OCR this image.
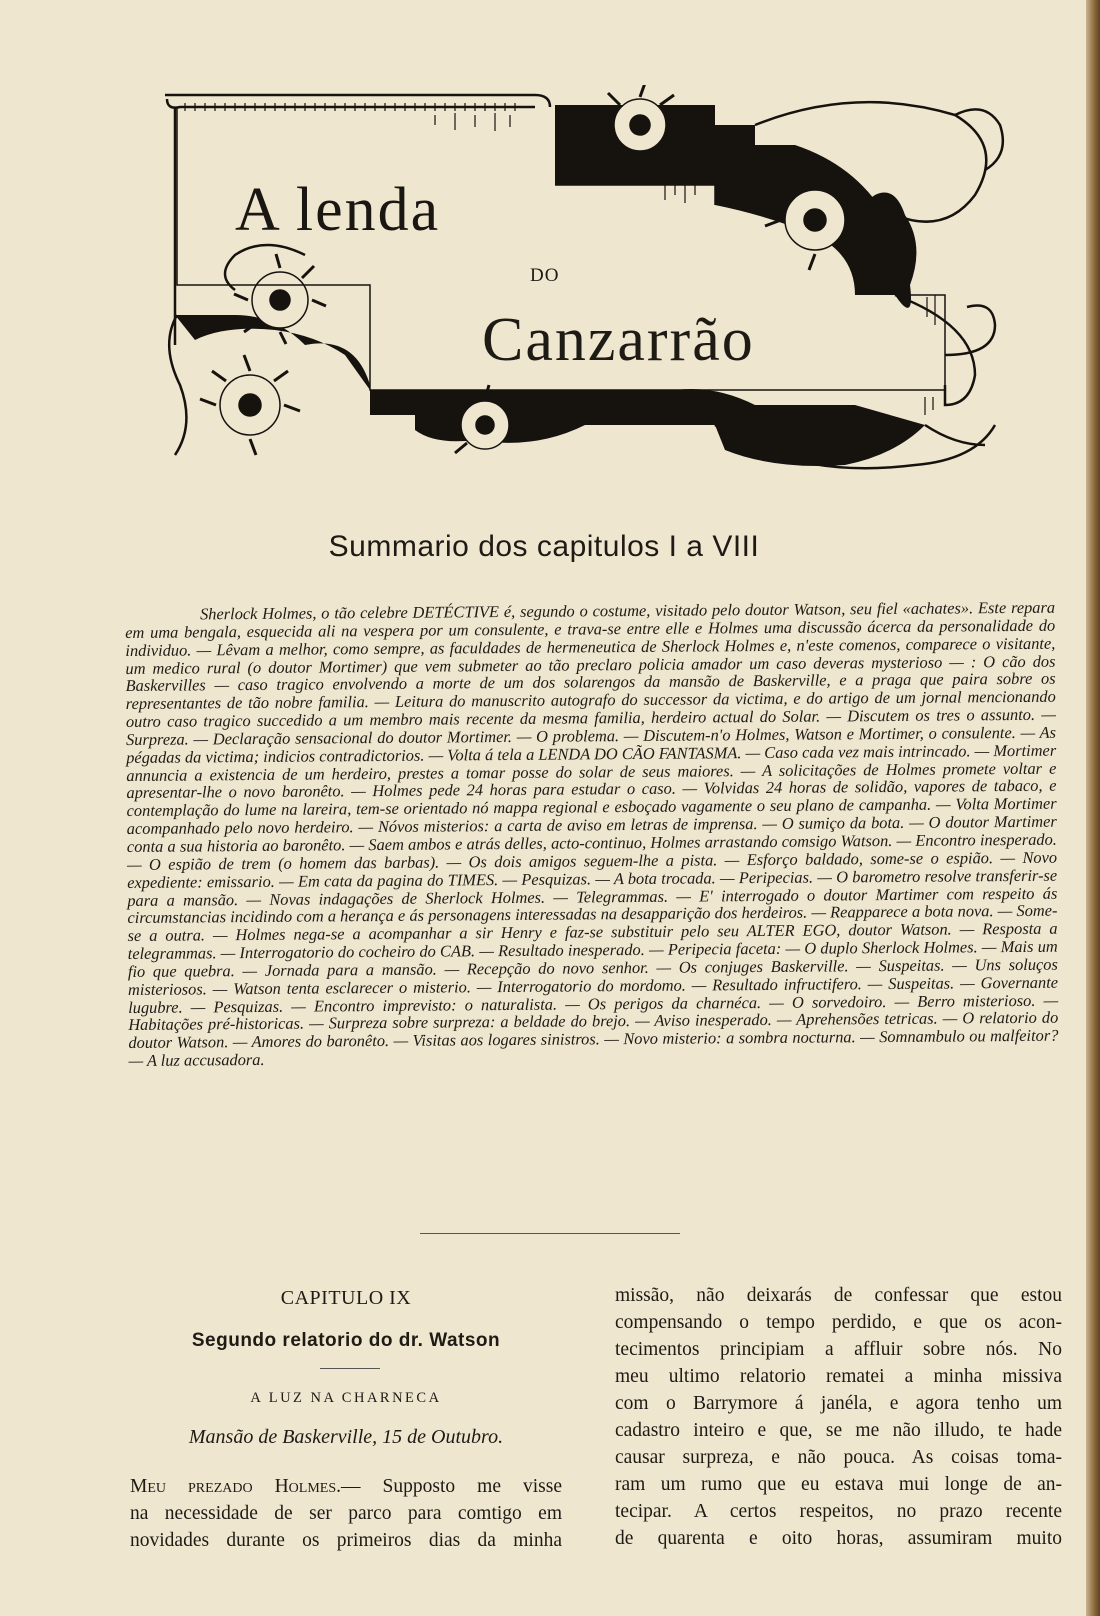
A lenda
DO
Canzarrão
Summario dos capitulos I a VIII

Sherlock Holmes, o tão celebre DETÉCTIVE é, segundo o costume, visitado pelo doutor Watson, seu fiel «achates». Este repara em uma bengala, esquecida ali na vespera por um consulente, e trava-se entre elle e Holmes uma discussão ácerca da personalidade do individuo. — Lêvam a melhor, como sempre, as faculdades de hermeneutica de Sherlock Holmes e, n'este comenos, comparece o visitante, um medico rural (o doutor Mortimer) que vem submeter ao tão preclaro policia amador um caso deveras mysterioso — : O cão dos Baskervilles — caso tragico envolvendo a morte de um dos solarengos da mansão de Baskerville, e a praga que paira sobre os representantes de tão nobre familia. — Leitura do manuscrito autografo do successor da victima, e do artigo de um jornal mencionando outro caso tragico succedido a um membro mais recente da mesma familia, herdeiro actual do Solar. — Discutem os tres o assunto. — Surpreza. — Declaração sensacional do doutor Mortimer. — O problema. — Discutem-n'o Holmes, Watson e Mortimer, o consulente. — As pégadas da victima; indicios contradictorios. — Volta á tela a LENDA DO CÃO FANTASMA. — Caso cada vez mais intrincado. — Mortimer annuncia a existencia de um herdeiro, prestes a tomar posse do solar de seus maiores. — A solicitações de Holmes promete voltar e apresentar-lhe o novo baronêto. — Holmes pede 24 horas para estudar o caso. — Volvidas 24 horas de solidão, vapores de tabaco, e contemplação do lume na lareira, tem-se orientado nó mappa regional e esboçado vagamente o seu plano de campanha. — Volta Mortimer acompanhado pelo novo herdeiro. — Nóvos misterios: a carta de aviso em letras de imprensa. — O sumiço da bota. — O doutor Martimer conta a sua historia ao baronêto. — Saem ambos e atrás delles, acto-continuo, Holmes arrastando comsigo Watson. — Encontro inesperado. — O espião de trem (o homem das barbas). — Os dois amigos seguem-lhe a pista. — Esforço baldado, some-se o espião. — Novo expediente: emissario. — Em cata da pagina do TIMES. — Pesquizas. — A bota trocada. — Peripecias. — O barometro resolve transferir-se para a mansão. — Novas indagações de Sherlock Holmes. — Telegrammas. — E' interrogado o doutor Martimer com respeito ás circumstancias incidindo com a herança e ás personagens interessadas na desapparição dos herdeiros. — Reapparece a bota nova. — Some-se a outra. — Holmes nega-se a acompanhar a sir Henry e faz-se substituir pelo seu ALTER EGO, doutor Watson. — Resposta a telegrammas. — Interrogatorio do cocheiro do CAB. — Resultado inesperado. — Peripecia faceta: — O duplo Sherlock Holmes. — Mais um fio que quebra. — Jornada para a mansão. — Recepção do novo senhor. — Os conjuges Baskerville. — Suspeitas. — Uns soluços misteriosos. — Watson tenta esclarecer o misterio. — Interrogatorio do mordomo. — Resultado infructifero. — Suspeitas. — Governante lugubre. — Pesquizas. — Encontro imprevisto: o naturalista. — Os perigos da charnéca. — O sorvedoiro. — Berro misterioso. — Habitações pré-historicas. — Surpreza sobre surpreza: a beldade do brejo. — Aviso inesperado. — Aprehensões tetricas. — O relatorio do doutor Watson. — Amores do baronêto. — Visitas aos logares sinistros. — Novo misterio: a sombra nocturna. — Somnambulo ou malfeitor? — A luz accusadora.

CAPITULO IX
Segundo relatorio do dr. Watson
A LUZ NA CHARNECA
Mansão de Baskerville, 15 de Outubro.
Meu prezado Holmes.— Supposto me visse
na necessidade de ser parco para comtigo em
novidades durante os primeiros dias da minha
missão, não deixarás de confessar que estou
compensando o tempo perdido, e que os acon-
tecimentos principiam a affluir sobre nós. No
meu ultimo relatorio rematei a minha missiva
com o Barrymore á janéla, e agora tenho um
cadastro inteiro e que, se me não illudo, te hade
causar surpreza, e não pouca. As coisas toma-
ram um rumo que eu estava mui longe de an-
tecipar. A certos respeitos, no prazo recente
de quarenta e oito horas, assumiram muito
